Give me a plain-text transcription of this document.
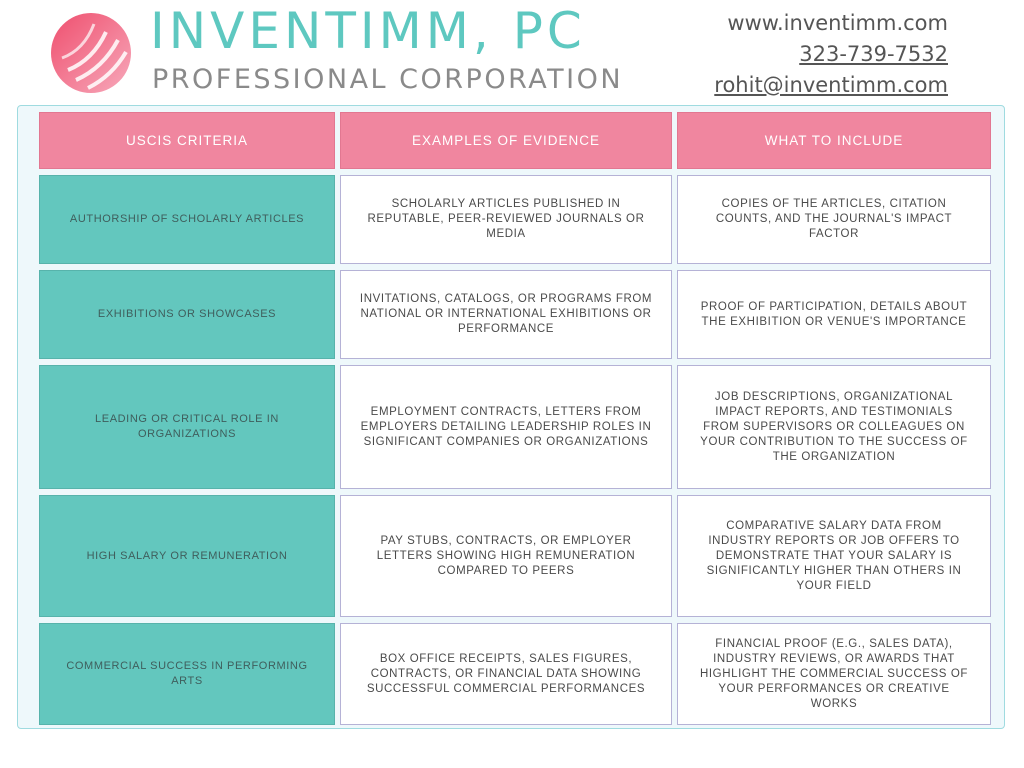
INVENTIMM, PC
PROFESSIONAL CORPORATION
www.inventimm.com
323-739-7532
rohit@inventimm.com
USCIS CRITERIA	EXAMPLES OF EVIDENCE	WHAT TO INCLUDE
AUTHORSHIP OF SCHOLARLY ARTICLES
SCHOLARLY ARTICLES PUBLISHED IN REPUTABLE, PEER-REVIEWED JOURNALS OR MEDIA
COPIES OF THE ARTICLES, CITATION COUNTS, AND THE JOURNAL'S IMPACT FACTOR
EXHIBITIONS OR SHOWCASES
INVITATIONS, CATALOGS, OR PROGRAMS FROM NATIONAL OR INTERNATIONAL EXHIBITIONS OR PERFORMANCE
PROOF OF PARTICIPATION, DETAILS ABOUT THE EXHIBITION OR VENUE'S IMPORTANCE
LEADING OR CRITICAL ROLE IN ORGANIZATIONS
EMPLOYMENT CONTRACTS, LETTERS FROM EMPLOYERS DETAILING LEADERSHIP ROLES IN SIGNIFICANT COMPANIES OR ORGANIZATIONS
JOB DESCRIPTIONS, ORGANIZATIONAL IMPACT REPORTS, AND TESTIMONIALS FROM SUPERVISORS OR COLLEAGUES ON YOUR CONTRIBUTION TO THE SUCCESS OF THE ORGANIZATION
HIGH SALARY OR REMUNERATION
PAY STUBS, CONTRACTS, OR EMPLOYER LETTERS SHOWING HIGH REMUNERATION COMPARED TO PEERS
COMPARATIVE SALARY DATA FROM INDUSTRY REPORTS OR JOB OFFERS TO DEMONSTRATE THAT YOUR SALARY IS SIGNIFICANTLY HIGHER THAN OTHERS IN YOUR FIELD
COMMERCIAL SUCCESS IN PERFORMING ARTS
BOX OFFICE RECEIPTS, SALES FIGURES, CONTRACTS, OR FINANCIAL DATA SHOWING SUCCESSFUL COMMERCIAL PERFORMANCES
FINANCIAL PROOF (E.G., SALES DATA), INDUSTRY REVIEWS, OR AWARDS THAT HIGHLIGHT THE COMMERCIAL SUCCESS OF YOUR PERFORMANCES OR CREATIVE WORKS
